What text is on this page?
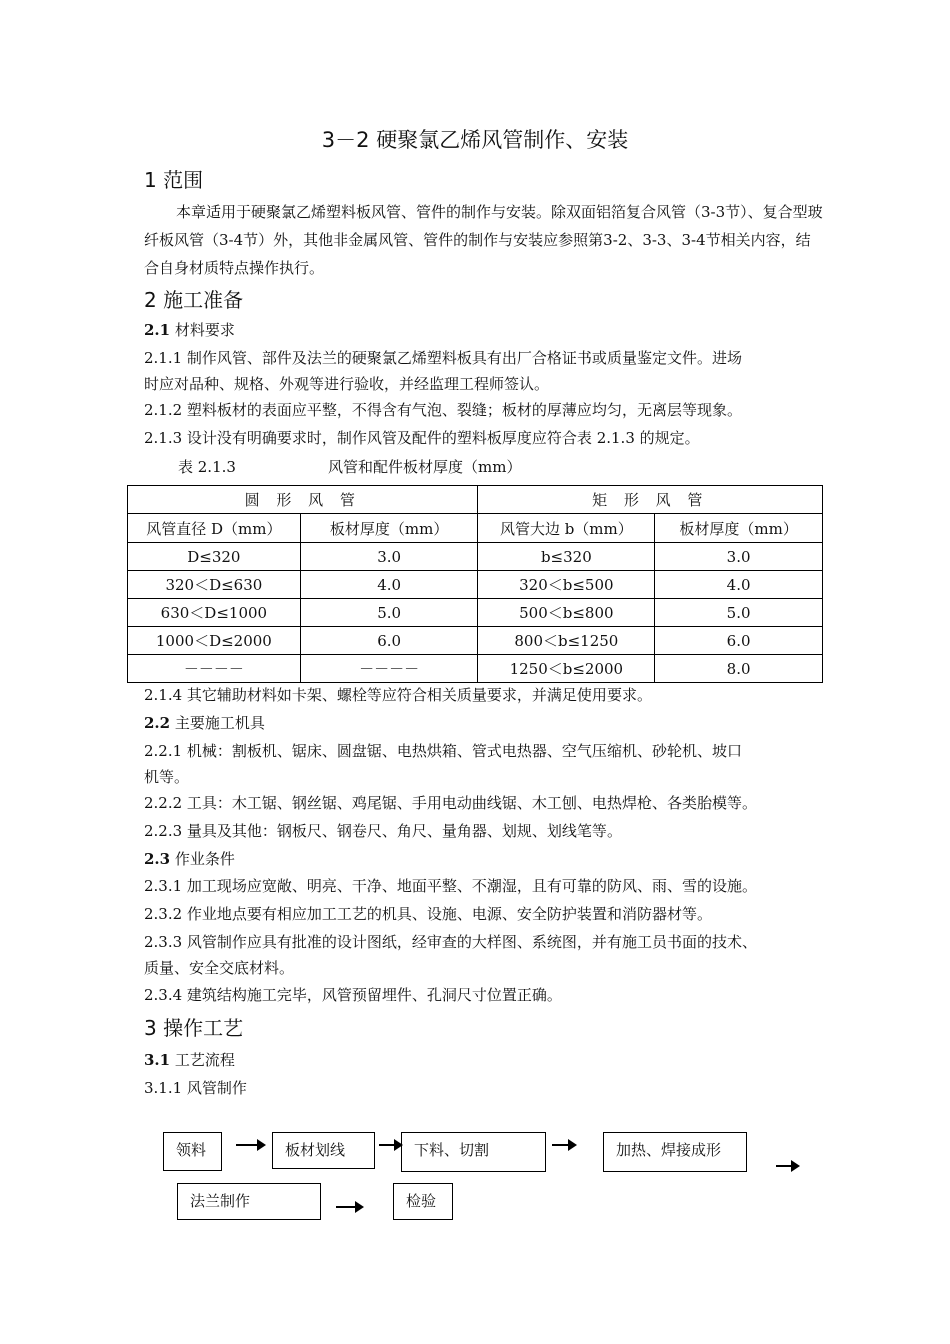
3－2 硬聚氯乙烯风管制作、安装
1 范围
本章适用于硬聚氯乙烯塑料板风管、管件的制作与安装。除双面铝箔复合风管（3-3节）、复合型玻纤板风管（3-4节）外，其他非金属风管、管件的制作与安装应参照第3-2、3-3、3-4节相关内容，结合自身材质特点操作执行。
2 施工准备
2.1 材料要求
2.1.1 制作风管、部件及法兰的硬聚氯乙烯塑料板具有出厂合格证书或质量鉴定文件。进场
时应对品种、规格、外观等进行验收，并经监理工程师签认。
2.1.2 塑料板材的表面应平整，不得含有气泡、裂缝；板材的厚薄应均匀，无离层等现象。
2.1.3 设计没有明确要求时，制作风管及配件的塑料板厚度应符合表 2.1.3 的规定。
表 2.1.3	风管和配件板材厚度（mm）
圆 形 风 管		矩 形 风 管	
风管直径 D（mm）	板材厚度（mm）	风管大边 b（mm）	板材厚度（mm）
D≤320	3.0	b≤320	3.0
320＜D≤630	4.0	320＜b≤500	4.0
630＜D≤1000	5.0	500＜b≤800	5.0
1000＜D≤2000	6.0	800＜b≤1250	6.0
－－－－	－－－－	1250＜b≤2000	8.0
2.1.4 其它辅助材料如卡架、螺栓等应符合相关质量要求，并满足使用要求。
2.2 主要施工机具
2.2.1 机械：割板机、锯床、圆盘锯、电热烘箱、管式电热器、空气压缩机、砂轮机、坡口
机等。
2.2.2 工具：木工锯、钢丝锯、鸡尾锯、手用电动曲线锯、木工刨、电热焊枪、各类胎模等。
2.2.3 量具及其他：钢板尺、钢卷尺、角尺、量角器、划规、划线笔等。
2.3 作业条件
2.3.1 加工现场应宽敞、明亮、干净、地面平整、不潮湿，且有可靠的防风、雨、雪的设施。
2.3.2 作业地点要有相应加工工艺的机具、设施、电源、安全防护装置和消防器材等。
2.3.3 风管制作应具有批准的设计图纸，经审查的大样图、系统图，并有施工员书面的技术、
质量、安全交底材料。
2.3.4 建筑结构施工完毕，风管预留埋件、孔洞尺寸位置正确。
3 操作工艺
3.1 工艺流程
3.1.1 风管制作
领料	板材划线	下料、切割	加热、焊接成形
法兰制作	检验
